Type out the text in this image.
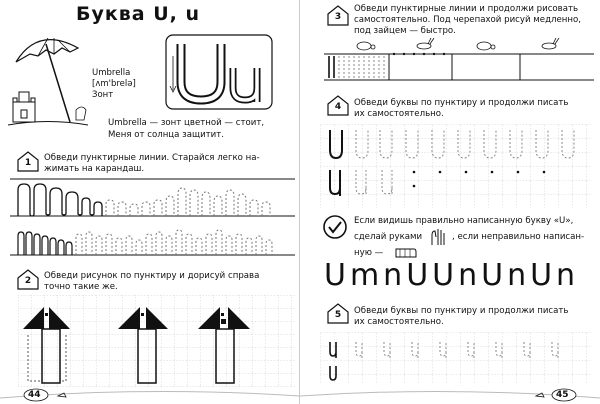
Буква U, u
Umbrella
[ʌm'brelə]
Зонт
Umbrella — зонт цветной — стоит,
Меня от солнца защитит.
1	Обведи пунктирные линии. Старайся легко на-
жимать на карандаш.
2	Обведи рисунок по пунктиру и дорисуй справа
точно такие же.
44
3
Обведи пунктирные линии и продолжи рисовать
самостоятельно. Под черепахой рисуй медленно,
под зайцем — быстро.
4	Обведи буквы по пунктиру и продолжи писать
их самостоятельно.
Если видишь правильно написанную букву «U»,
сделай руками	, если неправильно написан-
ную —
UmnUUnUnUn
5	Обведи буквы по пунктиру и продолжи писать
их самостоятельно.
45
